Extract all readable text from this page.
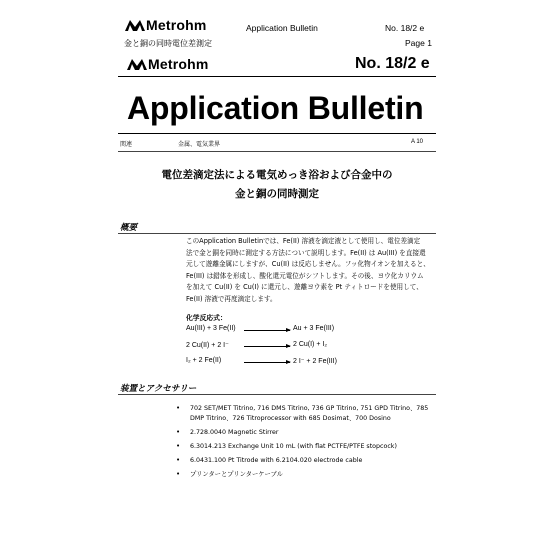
Metrohm	Application Bulletin	No. 18/2 e
金と銅の同時電位差測定	Page 1
Metrohm	No. 18/2 e
Application Bulletin
関連	金属、電気業界	A 10
電位差滴定法による電気めっき浴および合金中の
金と銅の同時測定
概要
このApplication Bulletinでは、Fe(II) 溶液を滴定液として使用し、電位差滴定
法で金と銅を同時に測定する方法について説明します。Fe(II) は Au(III) を直接還
元して遊離金属にしますが、Cu(II) は反応しません。フッ化物イオンを加えると、
Fe(III) は錯体を形成し、酸化還元電位がシフトします。その後、ヨウ化カリウム
を加えて Cu(II) を Cu(I) に還元し、遊離ヨウ素を Pt ティトロードを使用して、
Fe(II) 溶液で再度滴定します。
化学反応式：
Au(III) + 3 Fe(II) → Au + 3 Fe(III)
2 Cu(II) + 2 I⁻ → 2 Cu(I) + I₂
I₂ + 2 Fe(II) → 2 I⁻ + 2 Fe(III)
装置とアクセサリー
• 702 SET/MET Titrino, 716 DMS Titrino, 736 GP Titrino, 751 GPD Titrino、785 DMP Titrino、726 Titroprocessor with 685 Dosimat、700 Dosino
• 2.728.0040 Magnetic Stirrer
• 6.3014.213 Exchange Unit 10 mL (with flat PCTFE/PTFE stopcock)
• 6.0431.100 Pt Titrode with 6.2104.020 electrode cable
• プリンターとプリンターケーブル
